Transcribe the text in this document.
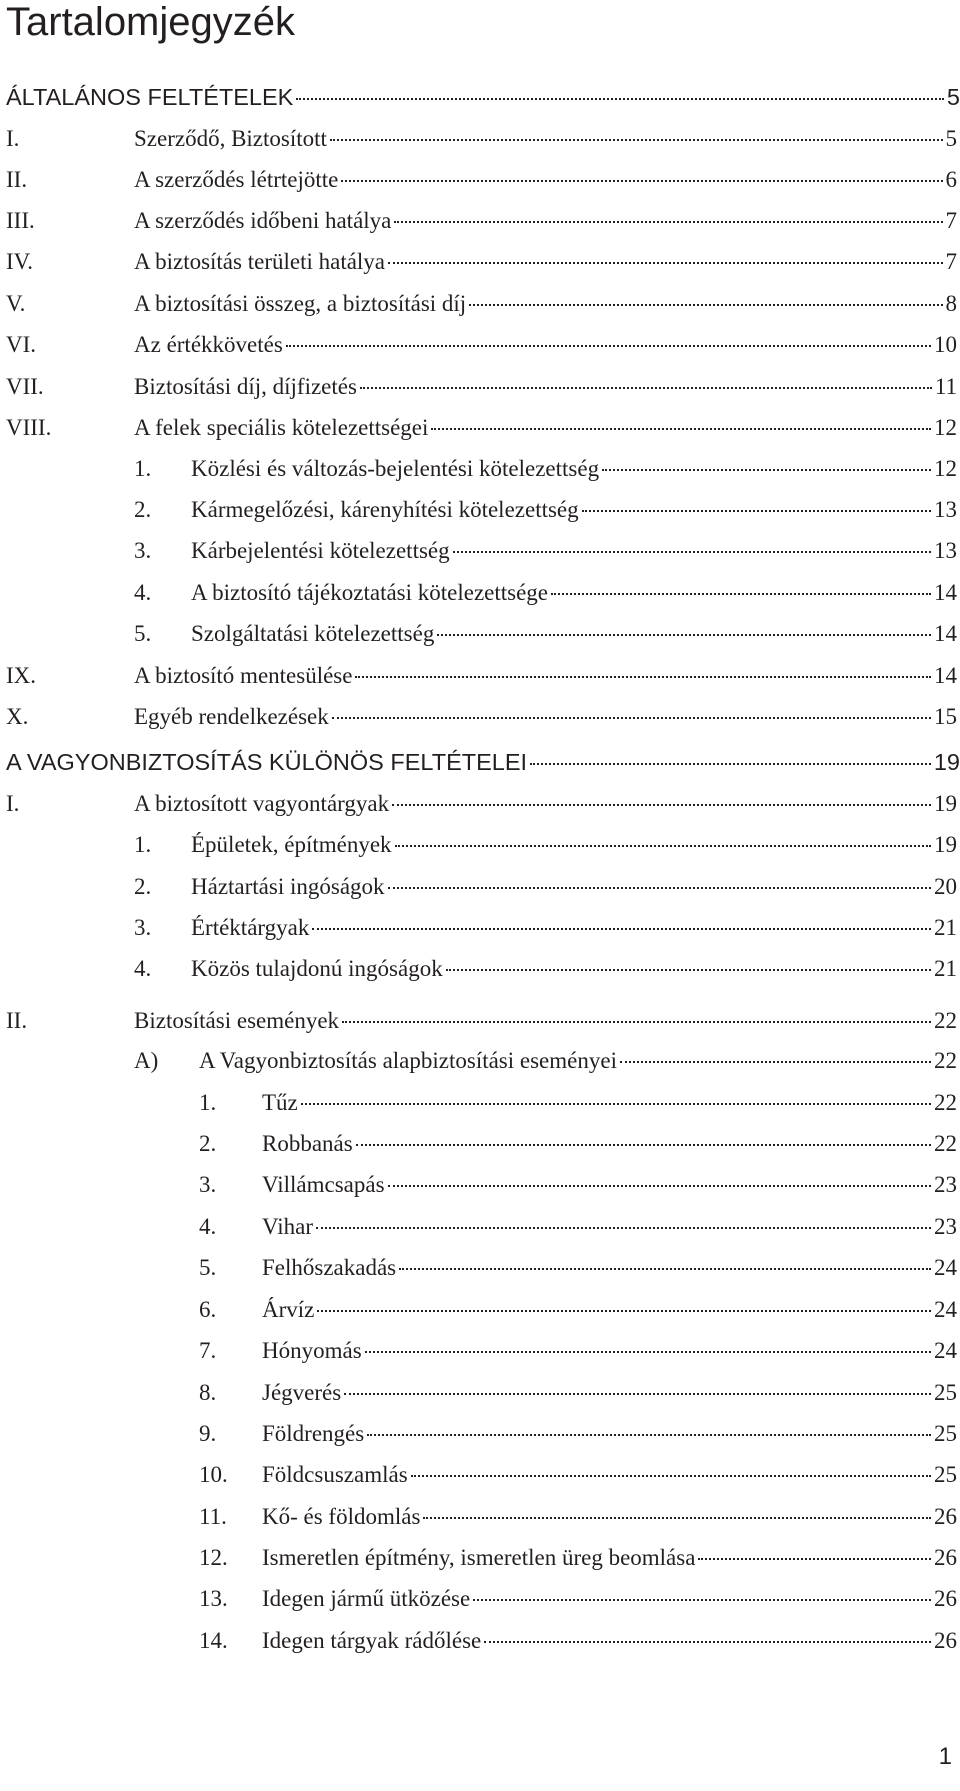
Tartalomjegyzék
ÁLTALÁNOS FELTÉTELEK	5
I.	Szerződő, Biztosított	5
II.	A szerződés létrtejötte	6
III.	A szerződés időbeni hatálya	7
IV.	A biztosítás területi hatálya	7
V.	A biztosítási összeg, a biztosítási díj	8
VI.	Az értékkövetés	10
VII.	Biztosítási díj, díjfizetés	11
VIII.	A felek speciális kötelezettségei	12
1.	Közlési és változás-bejelentési kötelezettség	12
2.	Kármegelőzési, kárenyhítési kötelezettség	13
3.	Kárbejelentési kötelezettség	13
4.	A biztosító tájékoztatási kötelezettsége	14
5.	Szolgáltatási kötelezettség	14
IX.	A biztosító mentesülése	14
X.	Egyéb rendelkezések	15
A VAGYONBIZTOSÍTÁS KÜLÖNÖS FELTÉTELEI	19
I.	A biztosított vagyontárgyak	19
1.	Épületek, építmények	19
2.	Háztartási ingóságok	20
3.	Értéktárgyak	21
4.	Közös tulajdonú ingóságok	21
II.	Biztosítási események	22
A)	A Vagyonbiztosítás alapbiztosítási eseményei	22
1.	Tűz	22
2.	Robbanás	22
3.	Villámcsapás	23
4.	Vihar	23
5.	Felhőszakadás	24
6.	Árvíz	24
7.	Hónyomás	24
8.	Jégverés	25
9.	Földrengés	25
10.	Földcsuszamlás	25
11.	Kő- és földomlás	26
12.	Ismeretlen építmény, ismeretlen üreg beomlása	26
13.	Idegen jármű ütközése	26
14.	Idegen tárgyak rádőlése	26
1
